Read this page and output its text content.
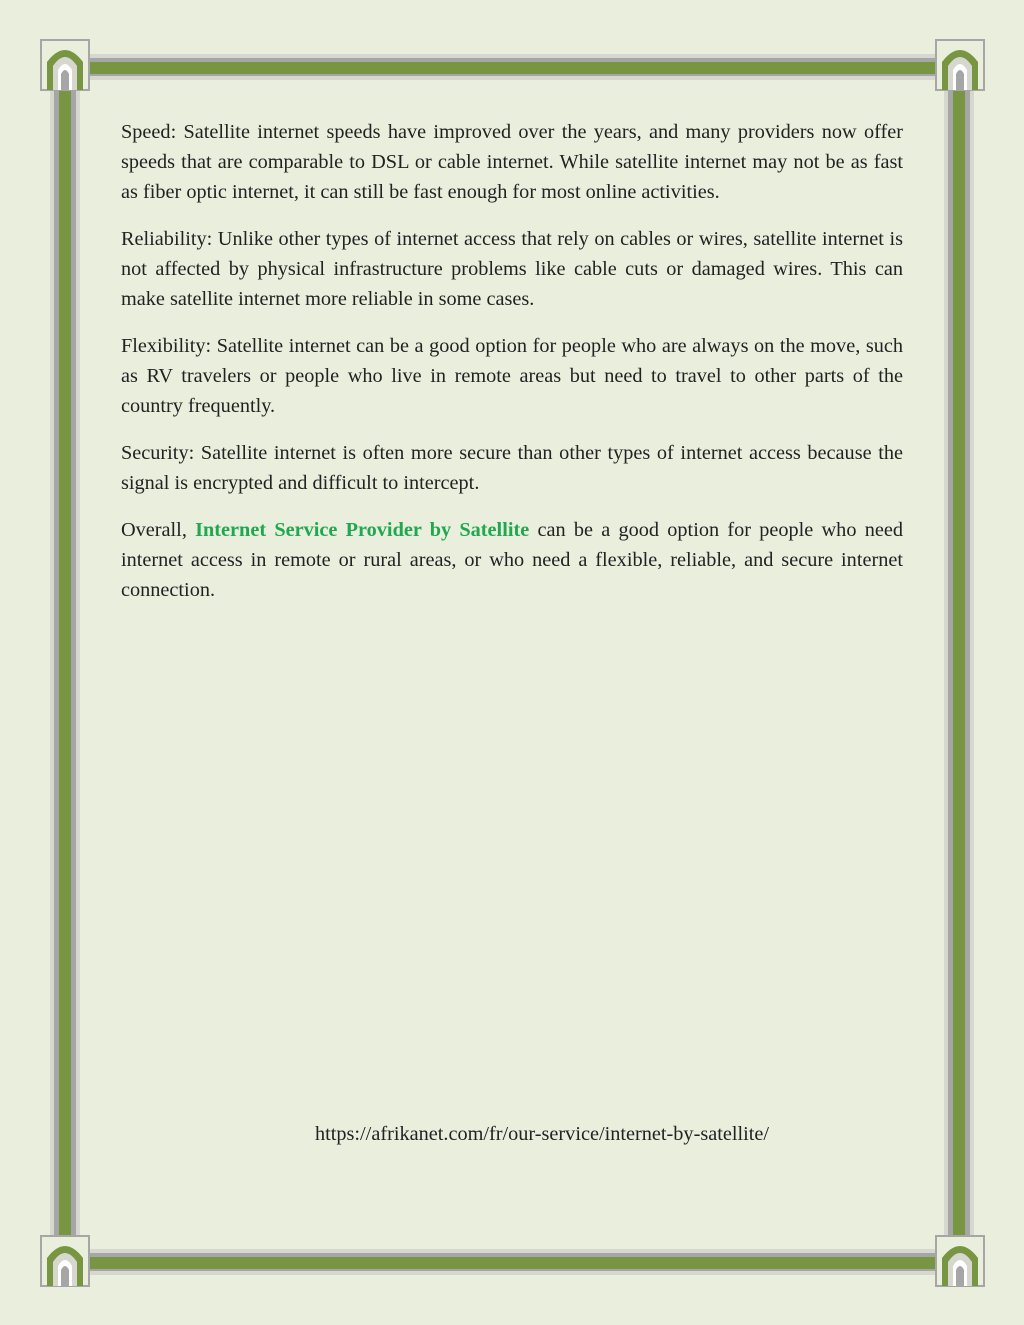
Speed: Satellite internet speeds have improved over the years, and many providers now offer speeds that are comparable to DSL or cable internet. While satellite internet may not be as fast as fiber optic internet, it can still be fast enough for most online activities.

Reliability: Unlike other types of internet access that rely on cables or wires, satellite internet is not affected by physical infrastructure problems like cable cuts or damaged wires. This can make satellite internet more reliable in some cases.

Flexibility: Satellite internet can be a good option for people who are always on the move, such as RV travelers or people who live in remote areas but need to travel to other parts of the country frequently.

Security: Satellite internet is often more secure than other types of internet access because the signal is encrypted and difficult to intercept.

Overall, Internet Service Provider by Satellite can be a good option for people who need internet access in remote or rural areas, or who need a flexible, reliable, and secure internet connection.

https://afrikanet.com/fr/our-service/internet-by-satellite/
